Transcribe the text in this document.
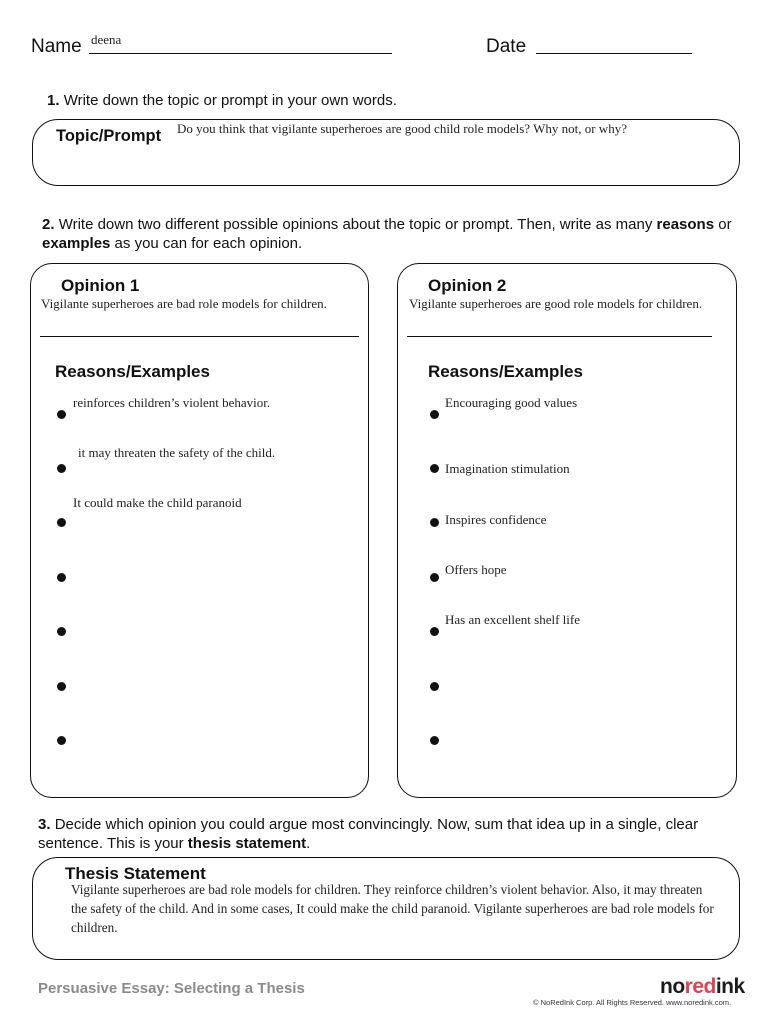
Name deena	Date
1. Write down the topic or prompt in your own words.
Topic/Prompt Do you think that vigilante superheroes are good child role models? Why not, or why?
2. Write down two different possible opinions about the topic or prompt. Then, write as many reasons or examples as you can for each opinion.
Opinion 1
Vigilante superheroes are bad role models for children.
Reasons/Examples
reinforces children’s violent behavior.
it may threaten the safety of the child.
It could make the child paranoid
Opinion 2
Vigilante superheroes are good role models for children.
Reasons/Examples
Encouraging good values
Imagination stimulation
Inspires confidence
Offers hope
Has an excellent shelf life
3. Decide which opinion you could argue most convincingly. Now, sum that idea up in a single, clear sentence. This is your thesis statement.
Thesis Statement
Vigilante superheroes are bad role models for children. They reinforce children’s violent behavior. Also, it may threaten the safety of the child. And in some cases, It could make the child paranoid. Vigilante superheroes are bad role models for children.
Persuasive Essay: Selecting a Thesis	noredink
© NoRedInk Corp. All Rights Reserved. www.noredink.com.
